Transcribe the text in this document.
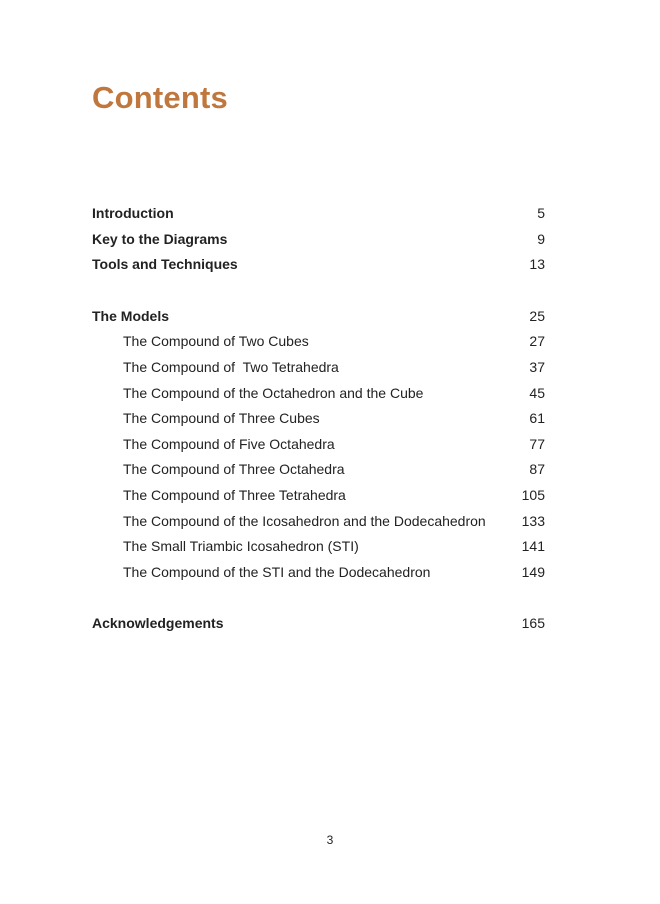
Contents
Introduction	5
Key to the Diagrams	9
Tools and Techniques	13
The Models	25
The Compound of Two Cubes	27
The Compound of  Two Tetrahedra	37
The Compound of the Octahedron and the Cube	45
The Compound of Three Cubes	61
The Compound of Five Octahedra	77
The Compound of Three Octahedra	87
The Compound of Three Tetrahedra	105
The Compound of the Icosahedron and the Dodecahedron	133
The Small Triambic Icosahedron (STI)	141
The Compound of the STI and the Dodecahedron	149
Acknowledgements	165
3
